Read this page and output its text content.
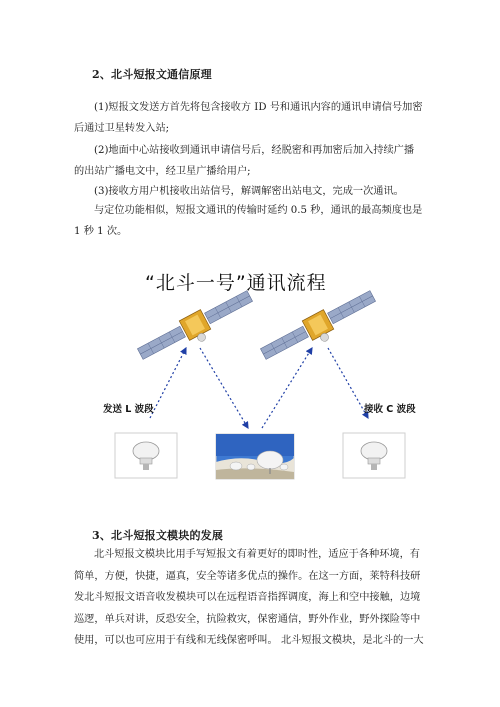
2、北斗短报文通信原理
(1)短报文发送方首先将包含接收方 ID 号和通讯内容的通讯申请信号加密后通过卫星转发入站;
(2)地面中心站接收到通讯申请信号后，经脱密和再加密后加入持续广播的出站广播电文中，经卫星广播给用户;
(3)接收方用户机接收出站信号，解调解密出站电文，完成一次通讯。
与定位功能相似，短报文通讯的传输时延约 0.5 秒，通讯的最高频度也是1 秒 1 次。
“北斗一号”通讯流程
发送 L 波段	接收 C 波段
3、北斗短报文模块的发展
北斗短报文模块比用手写短报文有着更好的即时性，适应于各种环境，有简单，方便，快捷，逼真，安全等诸多优点的操作。在这一方面，莱特科技研发北斗短报文语音收发模块可以在远程语音指挥调度，海上和空中接触，边境巡逻，单兵对讲，反恐安全，抗险救灾，保密通信，野外作业，野外探险等中使用，可以也可应用于有线和无线保密呼叫。 北斗短报文模块，是北斗的一大
